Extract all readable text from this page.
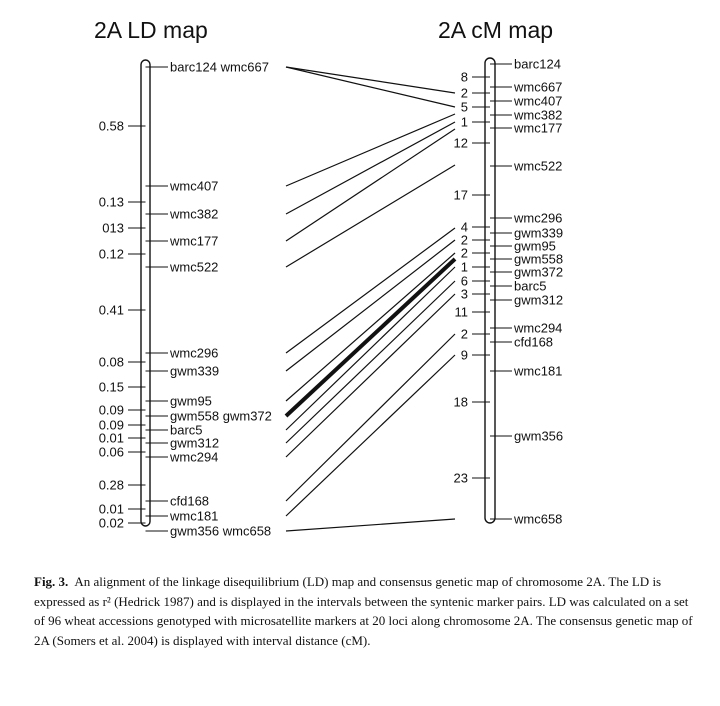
2A LD map	2A cM map
barc124 wmc667
wmc407
wmc382
wmc177
wmc522
wmc296
gwm339
gwm95
gwm558 gwm372
barc5
gwm312
wmc294
cfd168
wmc181
gwm356 wmc658
0.58
0.13
013
0.12
0.41
0.08
0.15
0.09
0.09
0.01
0.06
0.28
0.01
0.02
barc124
wmc667
wmc407
wmc382
wmc177
wmc522
wmc296
gwm339
gwm95
gwm558
gwm372
barc5
gwm312
wmc294
cfd168
wmc181
gwm356
wmc658
8
2
5
1
12
17
4
2
2
1
6
3
11
2
9
18
23
Fig. 3. An alignment of the linkage disequilibrium (LD) map and consensus genetic map of chromosome 2A. The LD is expressed as r² (Hedrick 1987) and is displayed in the intervals between the syntenic marker pairs. LD was calculated on a set of 96 wheat accessions genotyped with microsatellite markers at 20 loci along chromosome 2A. The consensus genetic map of 2A (Somers et al. 2004) is displayed with interval distance (cM).
